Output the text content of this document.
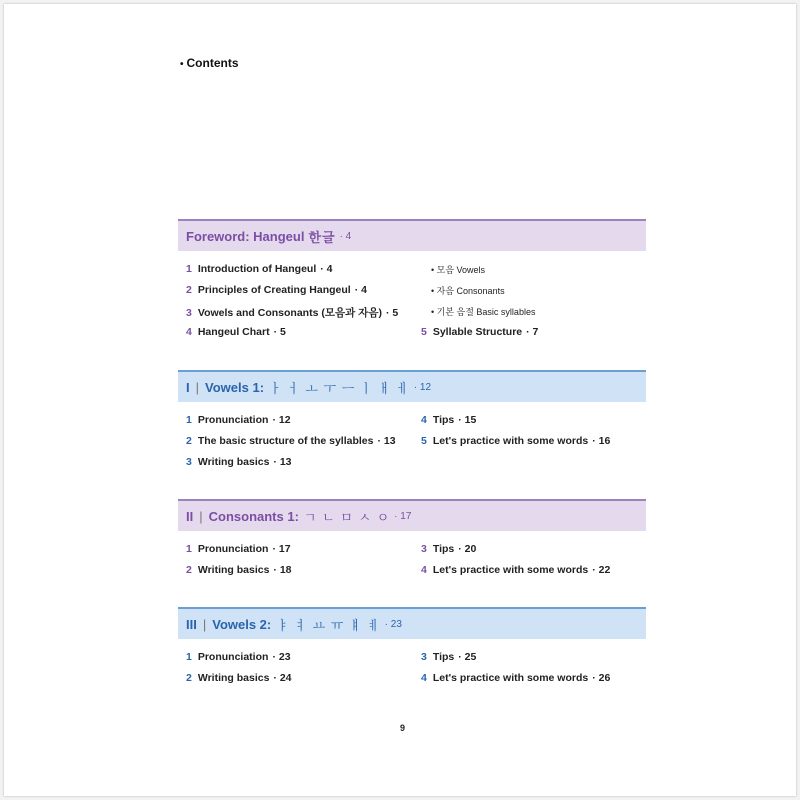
• Contents
Foreword: Hangeul 한글 · 4
1 Introduction of Hangeul · 4
2 Principles of Creating Hangeul · 4
3 Vowels and Consonants (모음과 자음) · 5
4 Hangeul Chart · 5	5 Syllable Structure · 7
• 모음 Vowels
• 자음 Consonants
• 기본 음절 Basic syllables
I | Vowels 1: ㅏ ㅓ ㅗ ㅜ ㅡ ㅣ ㅐ ㅔ · 12
1 Pronunciation · 12
2 The basic structure of the syllables · 13
3 Writing basics · 13
4 Tips · 15
5 Let's practice with some words · 16
II | Consonants 1: ㄱ ㄴ ㅁ ㅅ ㅇ · 17
1 Pronunciation · 17
2 Writing basics · 18
3 Tips · 20
4 Let's practice with some words · 22
III | Vowels 2: ㅑ ㅕ ㅛ ㅠ ㅒ ㅖ · 23
1 Pronunciation · 23
2 Writing basics · 24
3 Tips · 25
4 Let's practice with some words · 26
9
